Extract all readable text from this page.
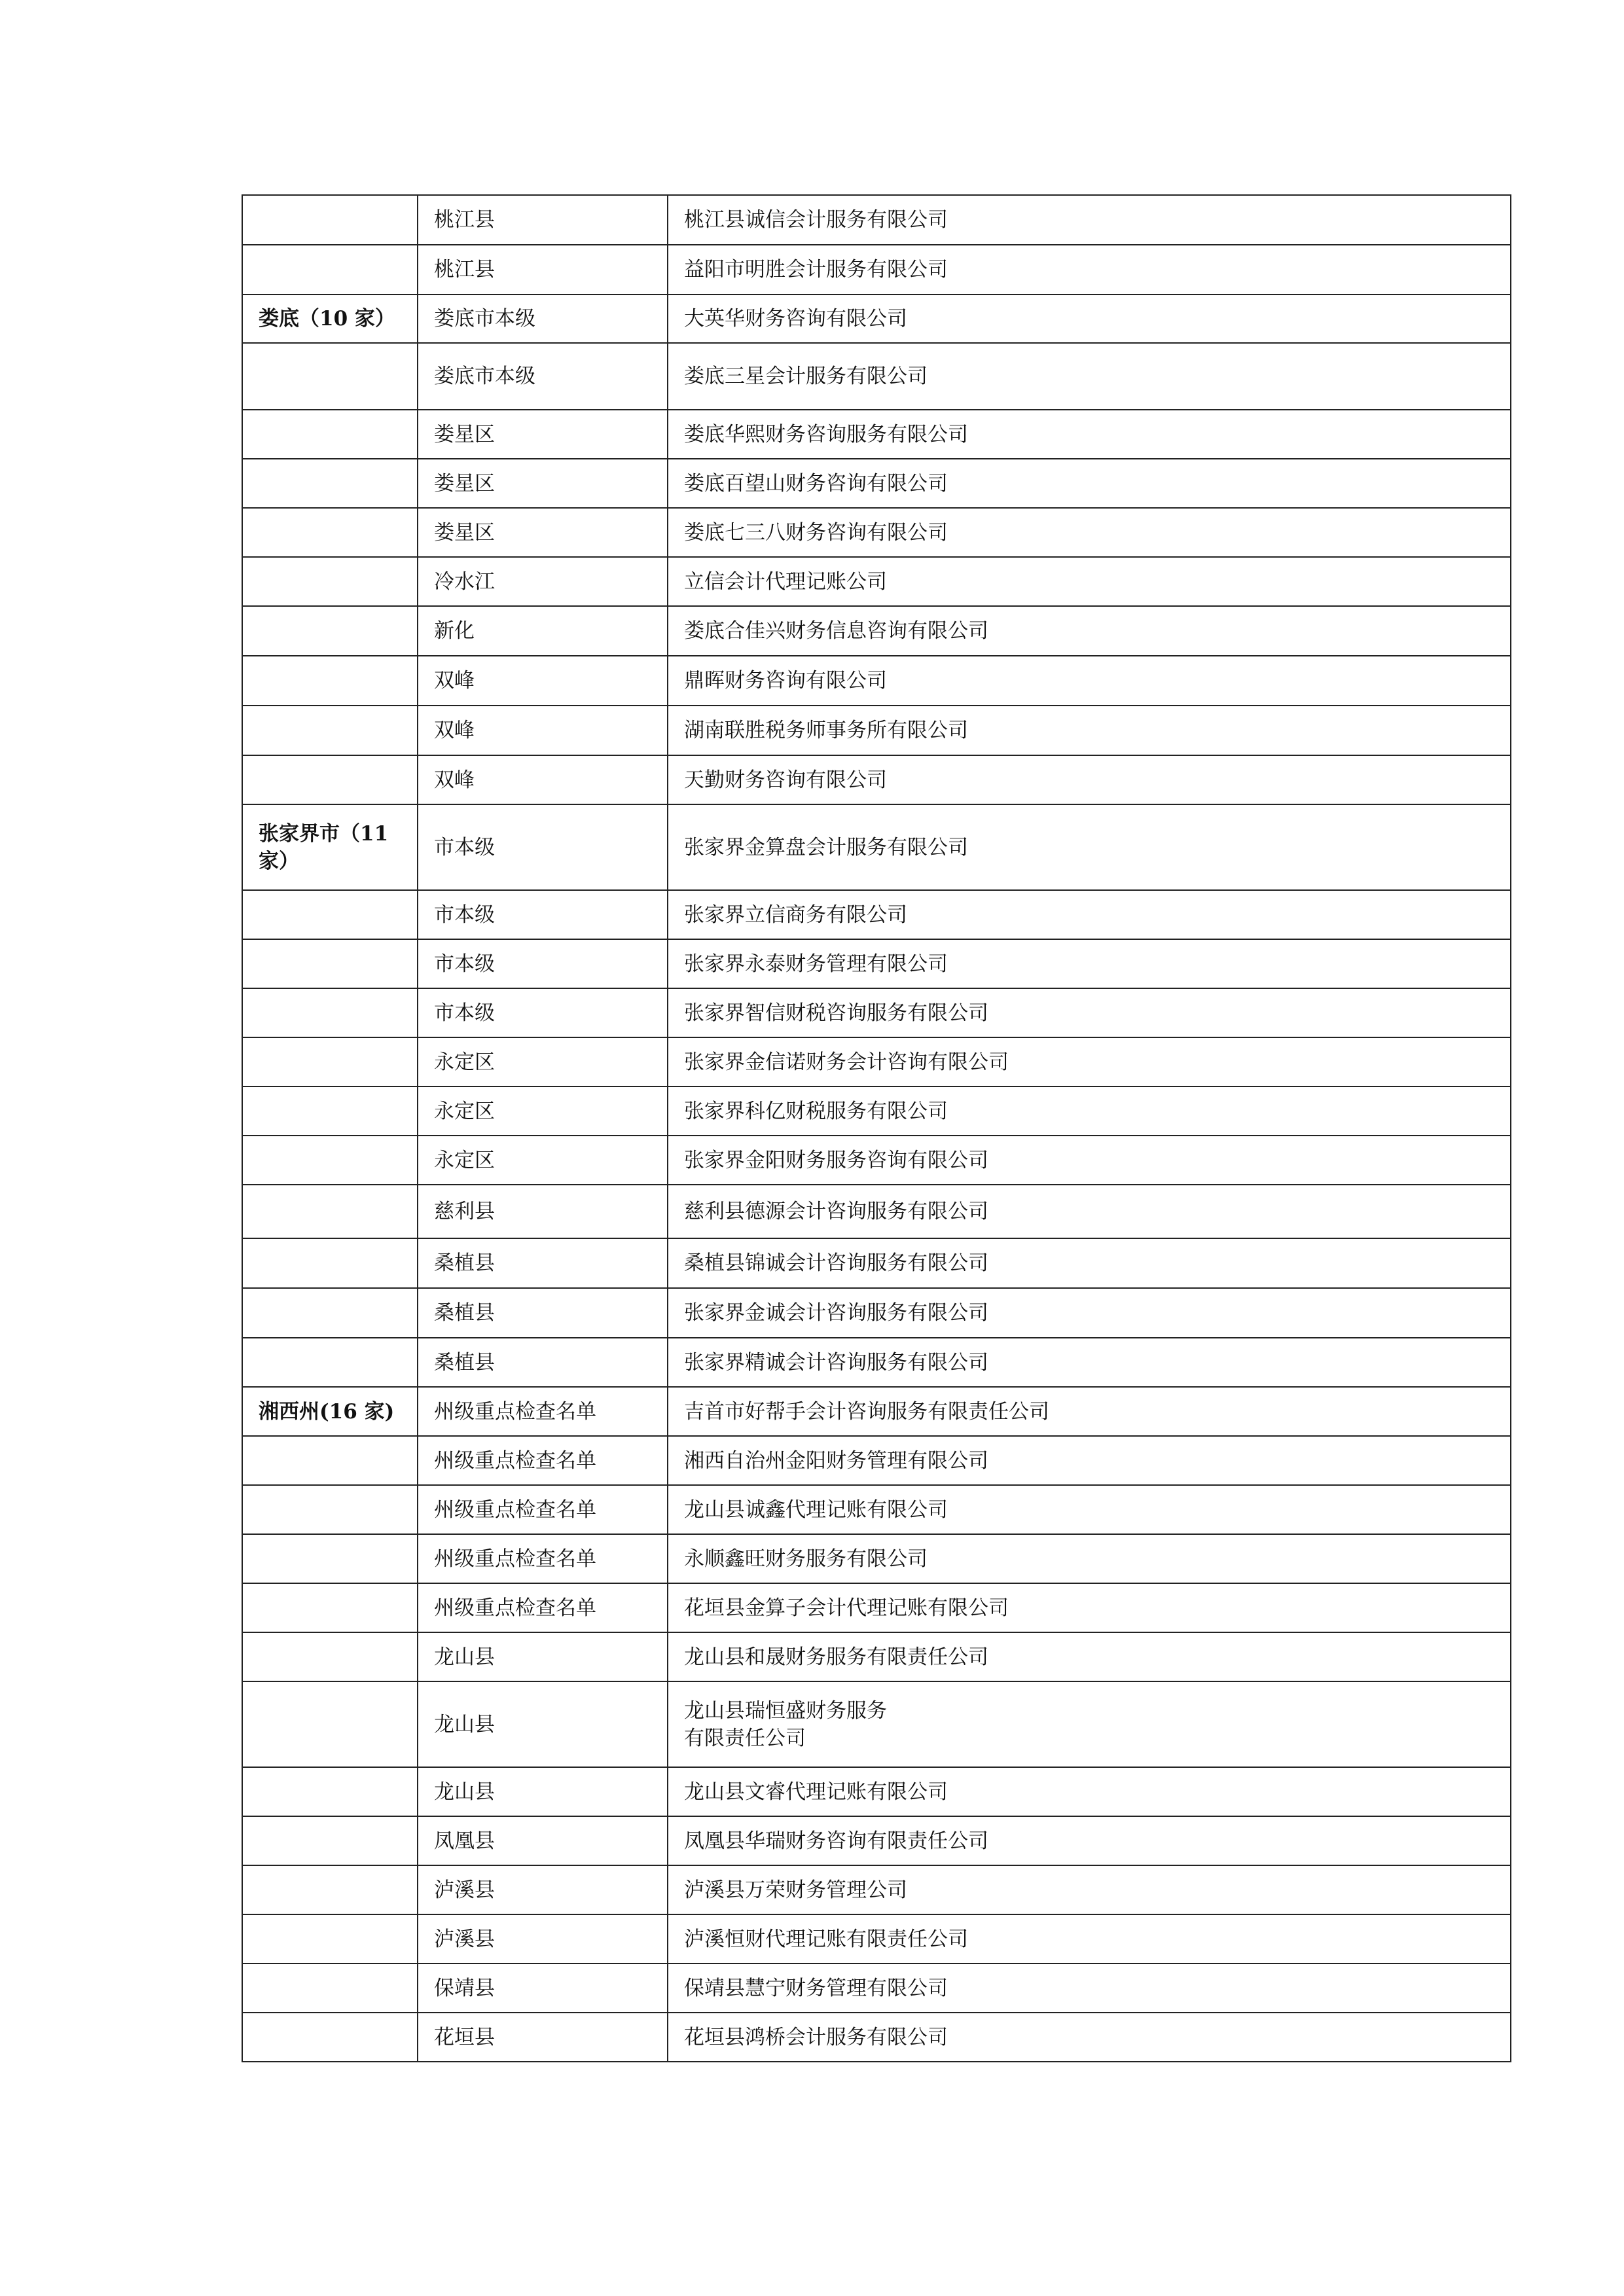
	桃江县	桃江县诚信会计服务有限公司
	桃江县	益阳市明胜会计服务有限公司
娄底（10 家）	娄底市本级	大英华财务咨询有限公司
	娄底市本级	娄底三星会计服务有限公司
	娄星区	娄底华熙财务咨询服务有限公司
	娄星区	娄底百望山财务咨询有限公司
	娄星区	娄底七三八财务咨询有限公司
	冷水江	立信会计代理记账公司
	新化	娄底合佳兴财务信息咨询有限公司
	双峰	鼎晖财务咨询有限公司
	双峰	湖南联胜税务师事务所有限公司
	双峰	天勤财务咨询有限公司
张家界市（11 家）	市本级	张家界金算盘会计服务有限公司
	市本级	张家界立信商务有限公司
	市本级	张家界永泰财务管理有限公司
	市本级	张家界智信财税咨询服务有限公司
	永定区	张家界金信诺财务会计咨询有限公司
	永定区	张家界科亿财税服务有限公司
	永定区	张家界金阳财务服务咨询有限公司
	慈利县	慈利县德源会计咨询服务有限公司
	桑植县	桑植县锦诚会计咨询服务有限公司
	桑植县	张家界金诚会计咨询服务有限公司
	桑植县	张家界精诚会计咨询服务有限公司
湘西州(16 家)	州级重点检查名单	吉首市好帮手会计咨询服务有限责任公司
	州级重点检查名单	湘西自治州金阳财务管理有限公司
	州级重点检查名单	龙山县诚鑫代理记账有限公司
	州级重点检查名单	永顺鑫旺财务服务有限公司
	州级重点检查名单	花垣县金算子会计代理记账有限公司
	龙山县	龙山县和晟财务服务有限责任公司
	龙山县	龙山县瑞恒盛财务服务
有限责任公司

	龙山县	龙山县文睿代理记账有限公司
	凤凰县	凤凰县华瑞财务咨询有限责任公司
	泸溪县	泸溪县万荣财务管理公司
	泸溪县	泸溪恒财代理记账有限责任公司
	保靖县	保靖县慧宁财务管理有限公司
	花垣县	花垣县鸿桥会计服务有限公司
